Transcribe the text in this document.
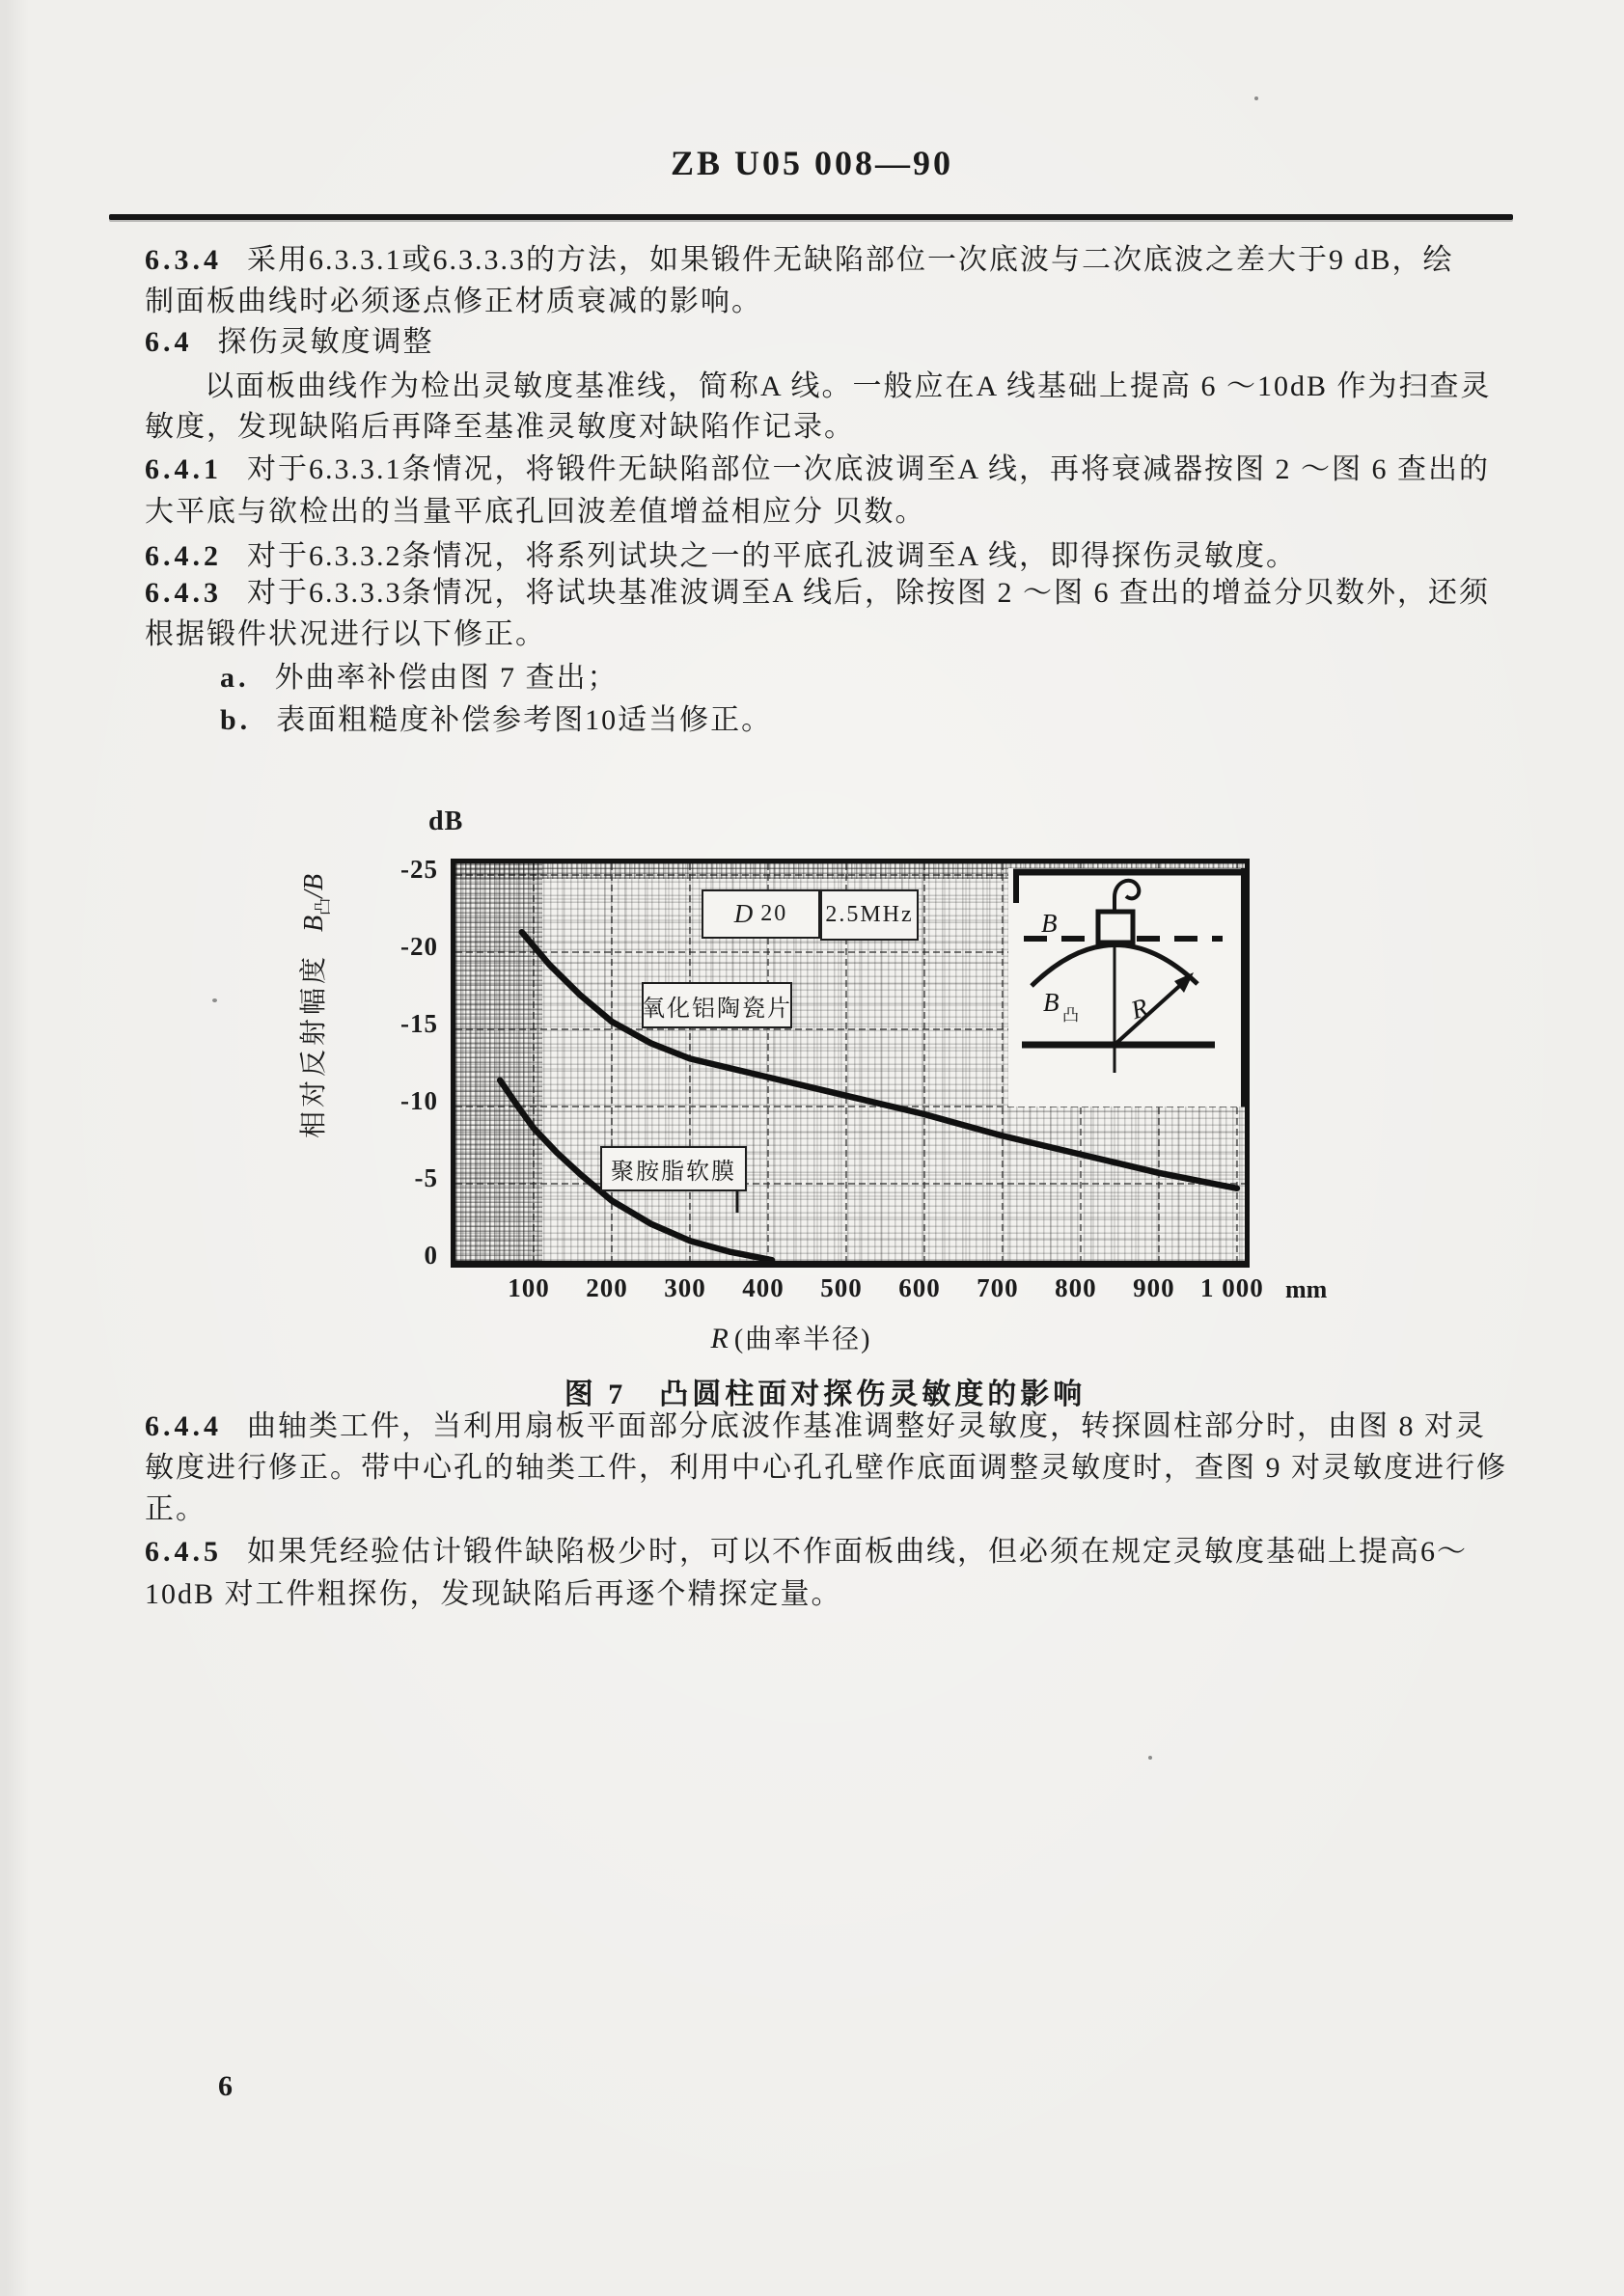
ZB U05 008—90
6.3.4 采用6.3.3.1或6.3.3.3的方法，如果锻件无缺陷部位一次底波与二次底波之差大于9 dB，绘
制面板曲线时必须逐点修正材质衰减的影响。
6.4 探伤灵敏度调整
以面板曲线作为检出灵敏度基准线，简称A 线。一般应在A 线基础上提高 6 ～10dB 作为扫查灵
敏度，发现缺陷后再降至基准灵敏度对缺陷作记录。
6.4.1 对于6.3.3.1条情况，将锻件无缺陷部位一次底波调至A 线，再将衰减器按图 2 ～图 6 查出的
大平底与欲检出的当量平底孔回波差值增益相应分 贝数。
6.4.2 对于6.3.3.2条情况，将系列试块之一的平底孔波调至A 线，即得探伤灵敏度。
6.4.3 对于6.3.3.3条情况，将试块基准波调至A 线后，除按图 2 ～图 6 查出的增益分贝数外，还须
根据锻件状况进行以下修正。
a. 外曲率补偿由图 7 查出；
b. 表面粗糙度补偿参考图10适当修正。
dB
相对反射幅度  $B_凸/B$
D 20 2.5MHz
氧化铝陶瓷片
聚胺脂软膜
B
B 凸 R
0
-5
-10
-15
-20
-25
100 200 300 400 500 600 700 800 900 1 000 mm
R (曲率半径)
图 7　凸圆柱面对探伤灵敏度的影响
6.4.4 曲轴类工件，当利用扇板平面部分底波作基准调整好灵敏度，转探圆柱部分时，由图 8 对灵
敏度进行修正。带中心孔的轴类工件，利用中心孔孔壁作底面调整灵敏度时，查图 9 对灵敏度进行修
正。
6.4.5 如果凭经验估计锻件缺陷极少时，可以不作面板曲线，但必须在规定灵敏度基础上提高6～
10dB 对工件粗探伤，发现缺陷后再逐个精探定量。
6
